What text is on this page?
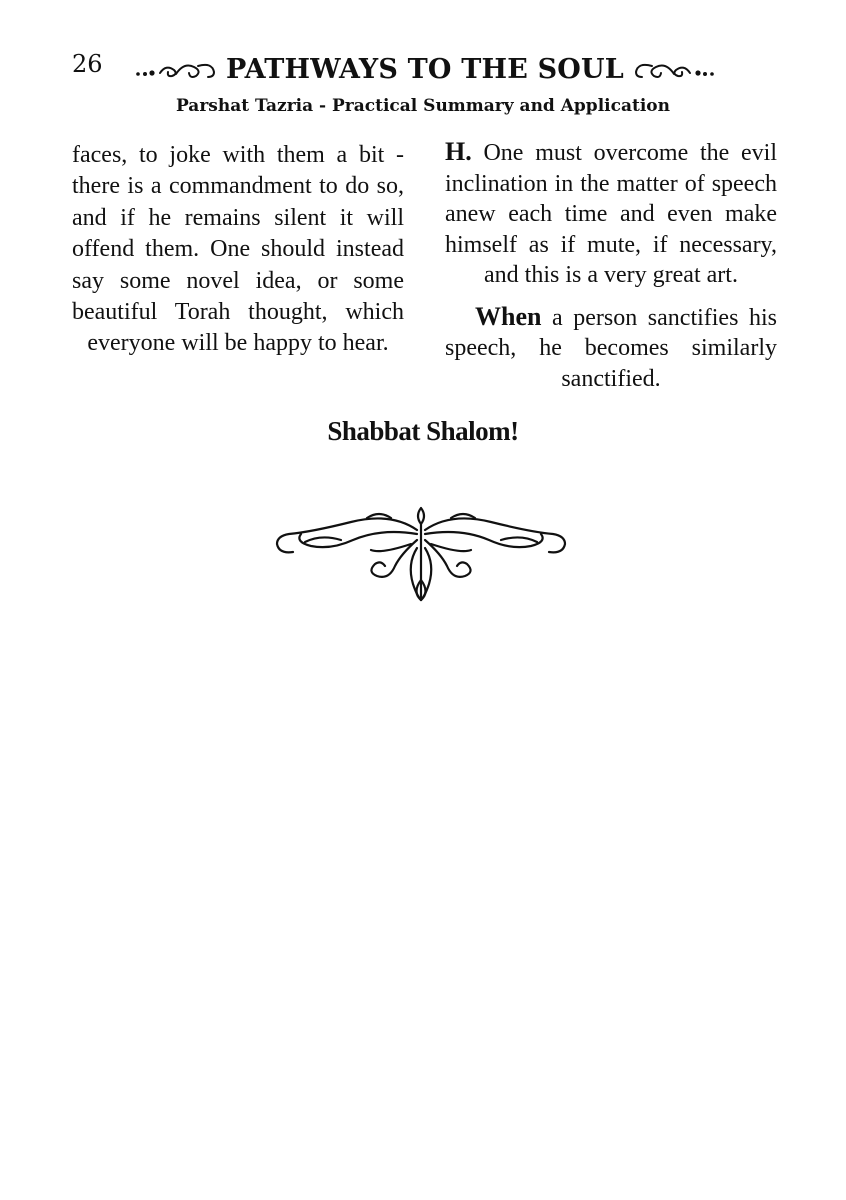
26	PATHWAYS TO THE SOUL
Parshat Tazria - Practical Summary and Application

faces, to joke with them a bit - there is a commandment to do so, and if he remains silent it will offend them. One should instead say some novel idea, or some beautiful Torah thought, which everyone will be happy to hear.

H. One must overcome the evil inclination in the matter of speech anew each time and even make himself as if mute, if necessary, and this is a very great art.

When a person sanctifies his speech, he becomes similarly sanctified.

Shabbat Shalom!
